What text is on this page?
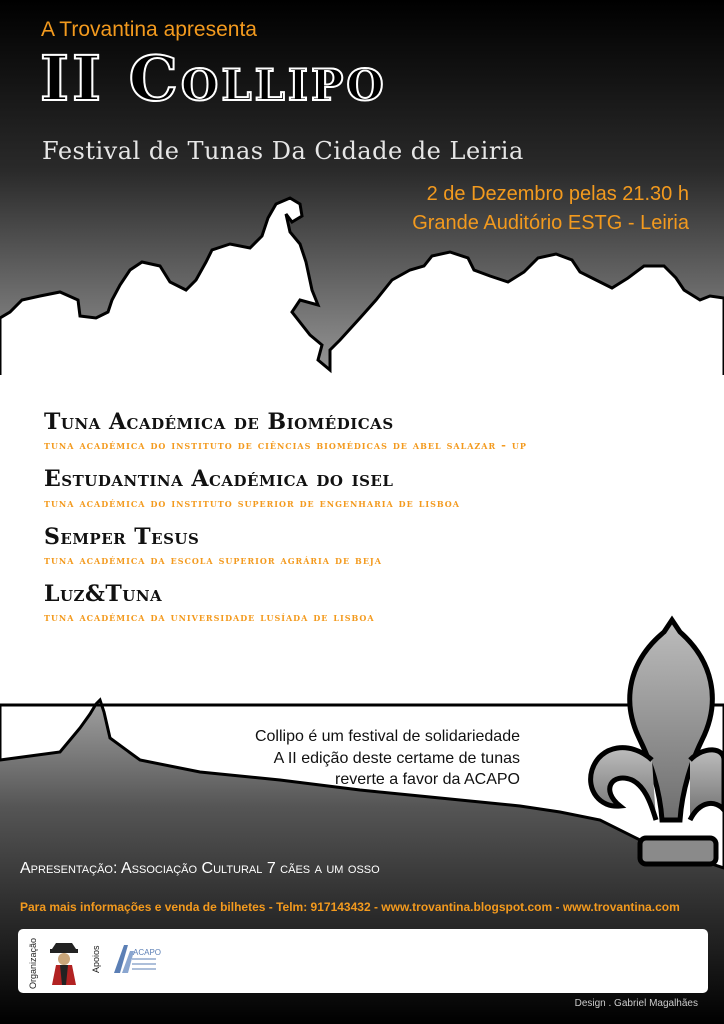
A Trovantina apresenta

II Collipo

Festival de Tunas Da Cidade de Leiria

2 de Dezembro pelas 21.30 h
Grande Auditório ESTG - Leiria
Tuna Académica de Biomédicas
tuna académica do instituto de ciências biomédicas de abel salazar - up
Estudantina Académica do isel
tuna académica do instituto superior de engenharia de lisboa
Semper Tesus
tuna académica da escola superior agrária de beja
Luz&Tuna
tuna académica da universidade lusíada de lisboa
Collipo é um festival de solidariedade
A II edição deste certame de tunas
reverte a favor da ACAPO

Apresentação: Associação Cultural 7 cães a um osso

Para mais informações e venda de bilhetes - Telm: 917143432 - www.trovantina.blogspot.com - www.trovantina.com

Organização	Apoios	ACAPO

Design . Gabriel Magalhães
